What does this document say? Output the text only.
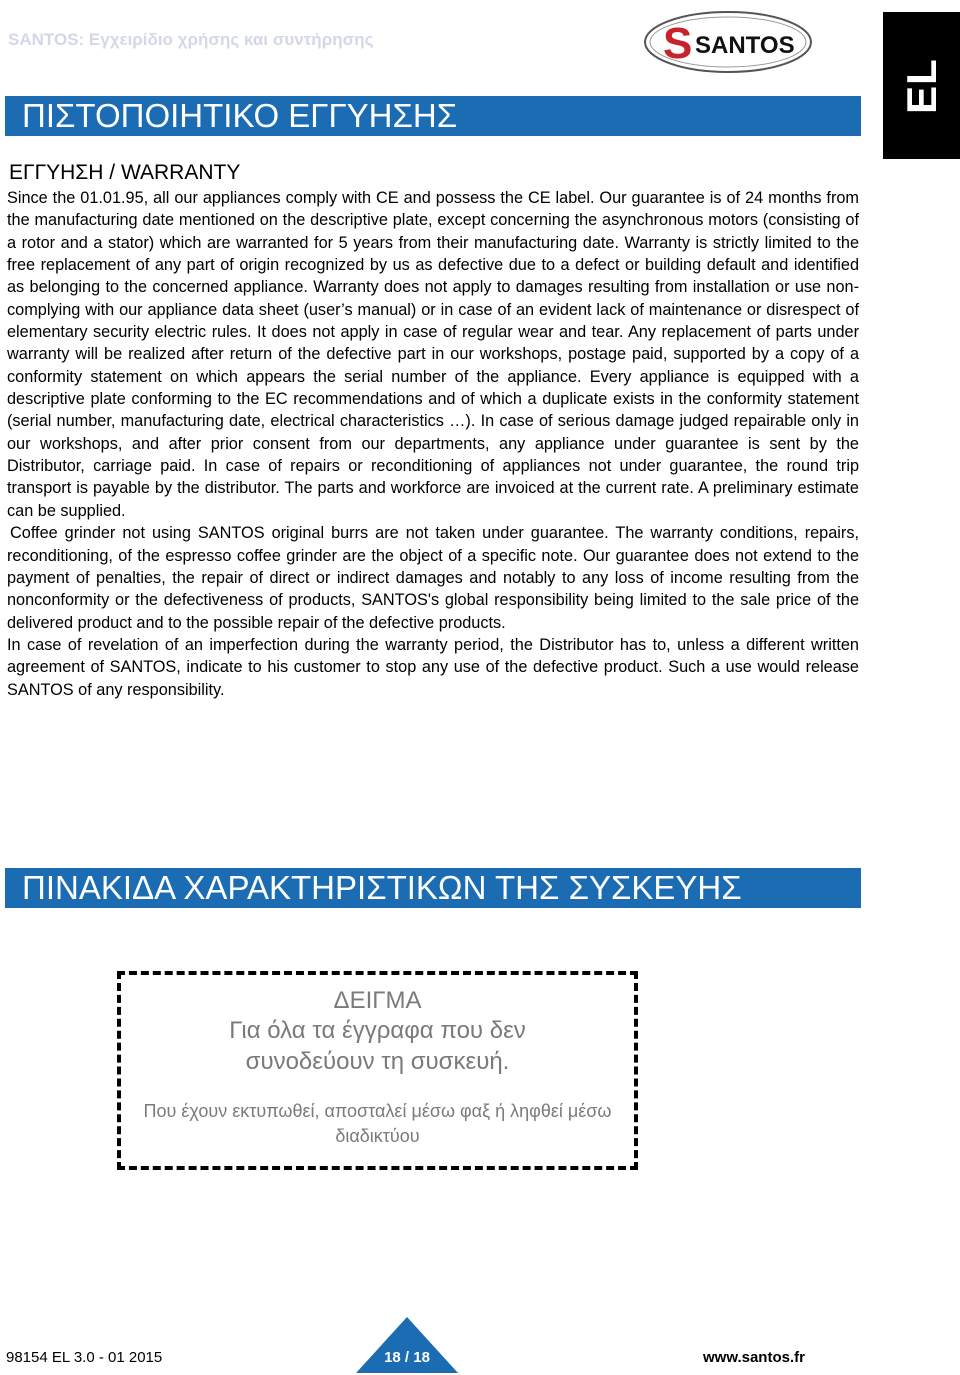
SANTOS: Εγχειρίδιο χρήσης και συντήρησης	S SANTOS
EL
ΠΙΣΤΟΠΟΙΗΤΙΚΟ ΕΓΓΥΗΣΗΣ
ΕΓΓΥΗΣΗ / WARRANTY

Since the 01.01.95, all our appliances comply with CE and possess the CE label. Our guarantee is of 24 months from the manufacturing date mentioned on the descriptive plate, except concerning the asynchronous motors (consisting of a rotor and a stator) which are warranted for 5 years from their manufacturing date. Warranty is strictly limited to the free replacement of any part of origin recognized by us as defective due to a defect or building default and identified as belonging to the concerned appliance. Warranty does not apply to damages resulting from installation or use non-complying with our appliance data sheet (user’s manual) or in case of an evident lack of maintenance or disrespect of elementary security electric rules. It does not apply in case of regular wear and tear. Any replacement of parts under warranty will be realized after return of the defective part in our workshops, postage paid, supported by a copy of a conformity statement on which appears the serial number of the appliance. Every appliance is equipped with a descriptive plate conforming to the EC recommendations and of which a duplicate exists in the conformity statement (serial number, manufacturing date, electrical characteristics …). In case of serious damage judged repairable only in our workshops, and after prior consent from our departments, any appliance under guarantee is sent by the Distributor, carriage paid. In case of repairs or reconditioning of appliances not under guarantee, the round trip transport is payable by the distributor. The parts and workforce are invoiced at the current rate. A preliminary estimate can be supplied.

Coffee grinder not using SANTOS original burrs are not taken under guarantee. The warranty conditions, repairs, reconditioning, of the espresso coffee grinder are the object of a specific note. Our guarantee does not extend to the payment of penalties, the repair of direct or indirect damages and notably to any loss of income resulting from the nonconformity or the defectiveness of products, SANTOS's global responsibility being limited to the sale price of the delivered product and to the possible repair of the defective products.

In case of revelation of an imperfection during the warranty period, the Distributor has to, unless a different written agreement of SANTOS, indicate to his customer to stop any use of the defective product. Such a use would release SANTOS of any responsibility.

ΠΙΝΑΚΙΔΑ ΧΑΡΑΚΤΗΡΙΣΤΙΚΩΝ ΤΗΣ ΣΥΣΚΕΥΗΣ
ΔΕΙΓΜΑ
Για όλα τα έγγραφα που δεν
συνοδεύουν τη συσκευή.
Που έχουν εκτυπωθεί, αποσταλεί μέσω φαξ ή ληφθεί μέσω διαδικτύου
98154 EL 3.0 - 01 2015	18 / 18	www.santos.fr
